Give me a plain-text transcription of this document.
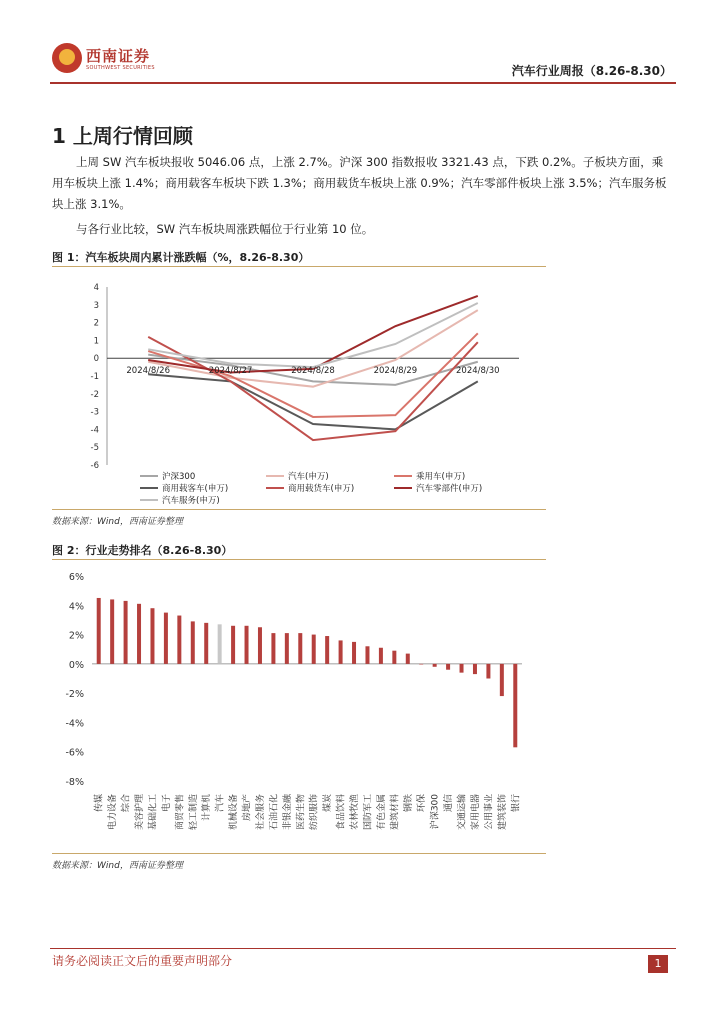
西南证券
SOUTHWEST SECURITIES	汽车行业周报（8.26-8.30）
1 上周行情回顾

上周 SW 汽车板块报收 5046.06 点，上涨 2.7%。沪深 300 指数报收 3321.43 点，下跌 0.2%。子板块方面，乘用车板块上涨 1.4%；商用载客车板块下跌 1.3%；商用载货车板块上涨 0.9%；汽车零部件板块上涨 3.5%；汽车服务板块上涨 3.1%。

与各行业比较，SW 汽车板块周涨跌幅位于行业第 10 位。

图 1：汽车板块周内累计涨跌幅（%，8.26-8.30）
4
3
2
1
0
-1
-2
-3
-4
-5
-6
2024/8/26	2024/8/27	2024/8/28	2024/8/29	2024/8/30
沪深300	汽车(申万)	乘用车(申万)
商用载客车(申万)	商用载货车(申万)	汽车零部件(申万)
汽车服务(申万)
数据来源：Wind，西南证券整理
图 2：行业走势排名（8.26-8.30）
6%
4%
2%
0%
-2%
-4%
-6%
-8%
传媒 电力设备 综合 美容护理 基础化工 电子 商贸零售 轻工制造 计算机 汽车 机械设备 房地产 社会服务 石油石化 非银金融 医药生物 纺织服饰 煤炭 食品饮料 农林牧渔 国防军工 有色金属 建筑材料 钢铁 环保 沪深300 通信 交通运输 家用电器 公用事业 建筑装饰 银行
数据来源：Wind，西南证券整理
请务必阅读正文后的重要声明部分	1
